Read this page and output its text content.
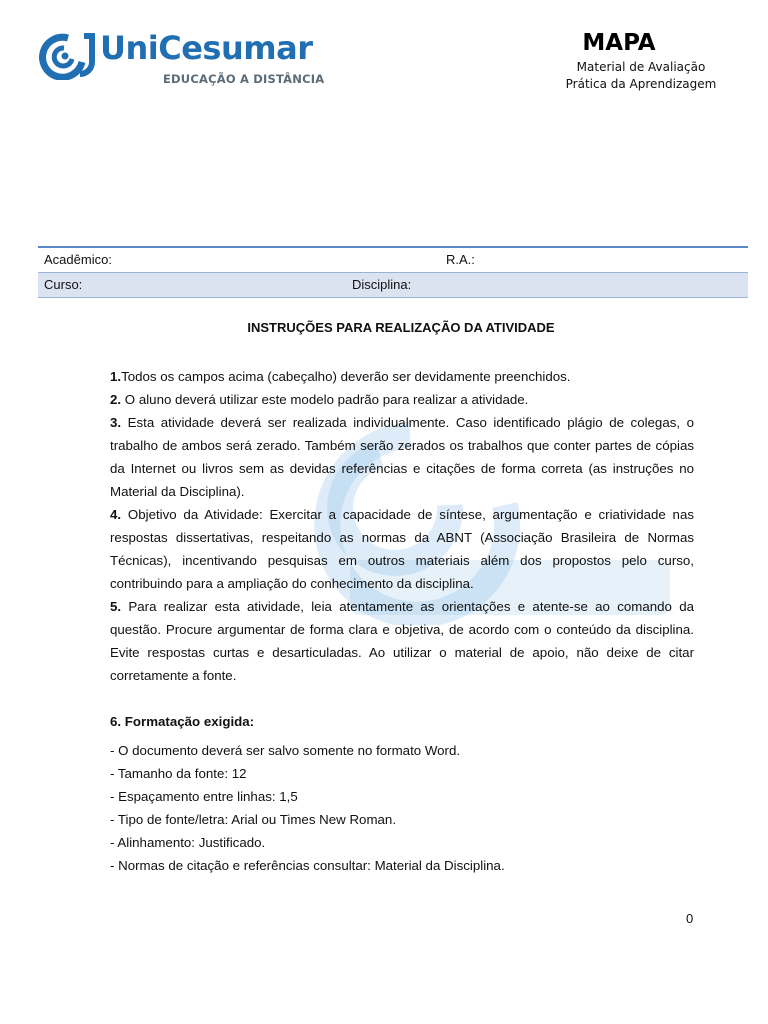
UniCesumar
EDUCAÇÃO A DISTÂNCIA
MAPA
Material de Avaliação
Prática da Aprendizagem
Acadêmico:	R.A.:
Curso:	Disciplina:
INSTRUÇÕES PARA REALIZAÇÃO DA ATIVIDADE

1.Todos os campos acima (cabeçalho) deverão ser devidamente preenchidos.

2. O aluno deverá utilizar este modelo padrão para realizar a atividade.

3. Esta atividade deverá ser realizada individualmente. Caso identificado plágio de colegas, o trabalho de ambos será zerado. Também serão zerados os trabalhos que conter partes de cópias da Internet ou livros sem as devidas referências e citações de forma correta (as instruções no Material da Disciplina).

4. Objetivo da Atividade: Exercitar a capacidade de síntese, argumentação e criatividade nas respostas dissertativas, respeitando as normas da ABNT (Associação Brasileira de Normas Técnicas), incentivando pesquisas em outros materiais além dos propostos pelo curso, contribuindo para a ampliação do conhecimento da disciplina.

5. Para realizar esta atividade, leia atentamente as orientações e atente-se ao comando da questão. Procure argumentar de forma clara e objetiva, de acordo com o conteúdo da disciplina. Evite respostas curtas e desarticuladas. Ao utilizar o material de apoio, não deixe de citar corretamente a fonte.

6. Formatação exigida:

- O documento deverá ser salvo somente no formato Word.

- Tamanho da fonte: 12

- Espaçamento entre linhas: 1,5

- Tipo de fonte/letra: Arial ou Times New Roman.

- Alinhamento: Justificado.

- Normas de citação e referências consultar: Material da Disciplina.

0
